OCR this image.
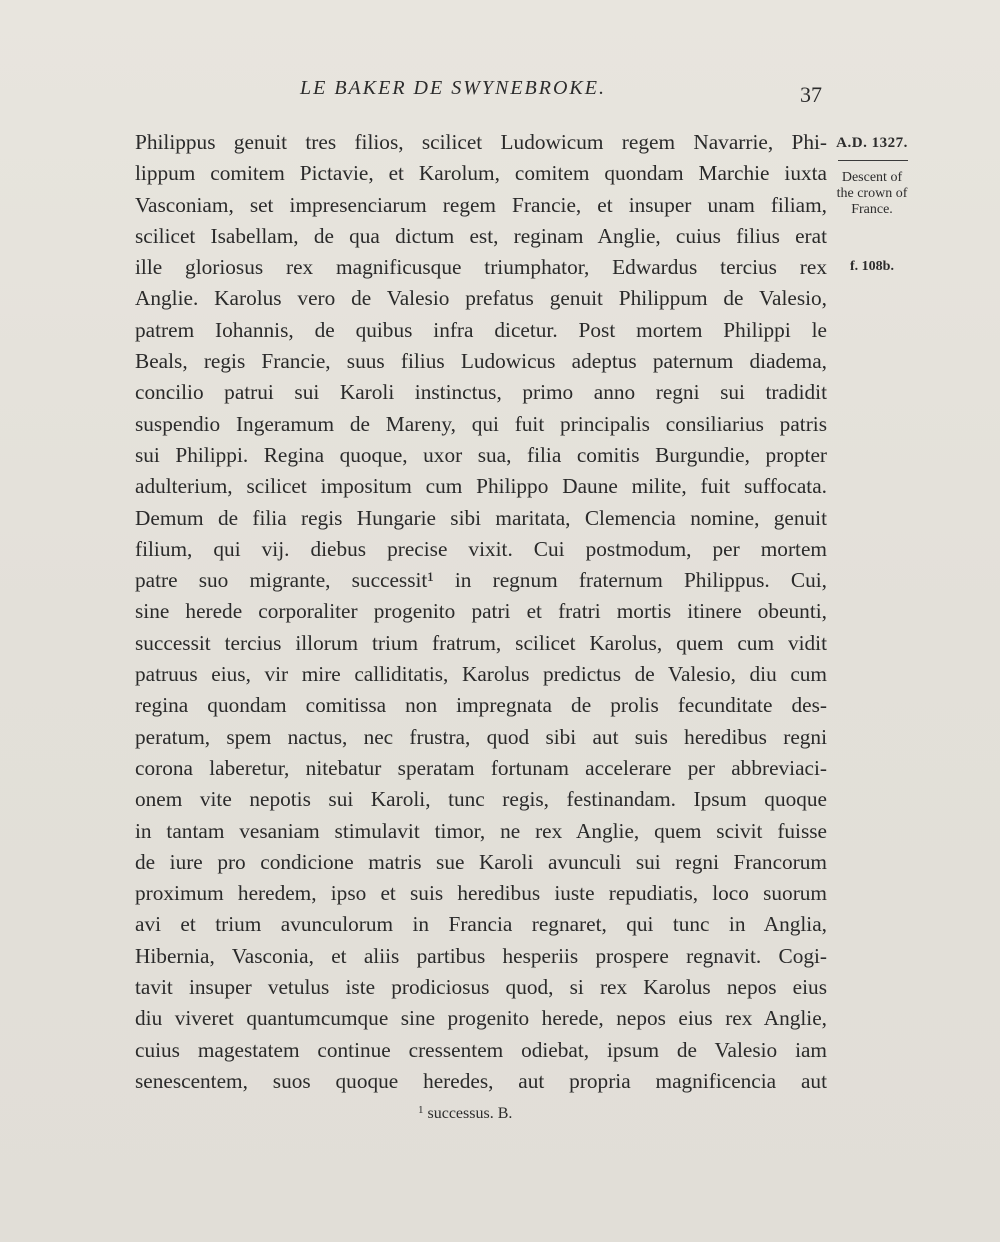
LE BAKER DE SWYNEBROKE.	37
A.D. 1327.
Descent of the crown of France.
f. 108b.
Philippus genuit tres filios, scilicet Ludowicum regem Navarrie, Phi-
lippum comitem Pictavie, et Karolum, comitem quondam Marchie iuxta
Vasconiam, set impresenciarum regem Francie, et insuper unam filiam,
scilicet Isabellam, de qua dictum est, reginam Anglie, cuius filius erat
ille gloriosus rex magnificusque triumphator, Edwardus tercius rex
Anglie. Karolus vero de Valesio prefatus genuit Philippum de Valesio,
patrem Iohannis, de quibus infra dicetur. Post mortem Philippi le
Beals, regis Francie, suus filius Ludowicus adeptus paternum diadema,
concilio patrui sui Karoli instinctus, primo anno regni sui tradidit
suspendio Ingeramum de Mareny, qui fuit principalis consiliarius patris
sui Philippi. Regina quoque, uxor sua, filia comitis Burgundie, propter
adulterium, scilicet impositum cum Philippo Daune milite, fuit suffocata.
Demum de filia regis Hungarie sibi maritata, Clemencia nomine, genuit
filium, qui vij. diebus precise vixit. Cui postmodum, per mortem
patre suo migrante, successit¹ in regnum fraternum Philippus. Cui,
sine herede corporaliter progenito patri et fratri mortis itinere obeunti,
successit tercius illorum trium fratrum, scilicet Karolus, quem cum vidit
patruus eius, vir mire calliditatis, Karolus predictus de Valesio, diu cum
regina quondam comitissa non impregnata de prolis fecunditate des-
peratum, spem nactus, nec frustra, quod sibi aut suis heredibus regni
corona laberetur, nitebatur speratam fortunam accelerare per abbreviaci-
onem vite nepotis sui Karoli, tunc regis, festinandam. Ipsum quoque
in tantam vesaniam stimulavit timor, ne rex Anglie, quem scivit fuisse
de iure pro condicione matris sue Karoli avunculi sui regni Francorum
proximum heredem, ipso et suis heredibus iuste repudiatis, loco suorum
avi et trium avunculorum in Francia regnaret, qui tunc in Anglia,
Hibernia, Vasconia, et aliis partibus hesperiis prospere regnavit. Cogi-
tavit insuper vetulus iste prodiciosus quod, si rex Karolus nepos eius
diu viveret quantumcumque sine progenito herede, nepos eius rex Anglie,
cuius magestatem continue cressentem odiebat, ipsum de Valesio iam
senescentem, suos quoque heredes, aut propria magnificencia aut
$^1$ successus. B.
